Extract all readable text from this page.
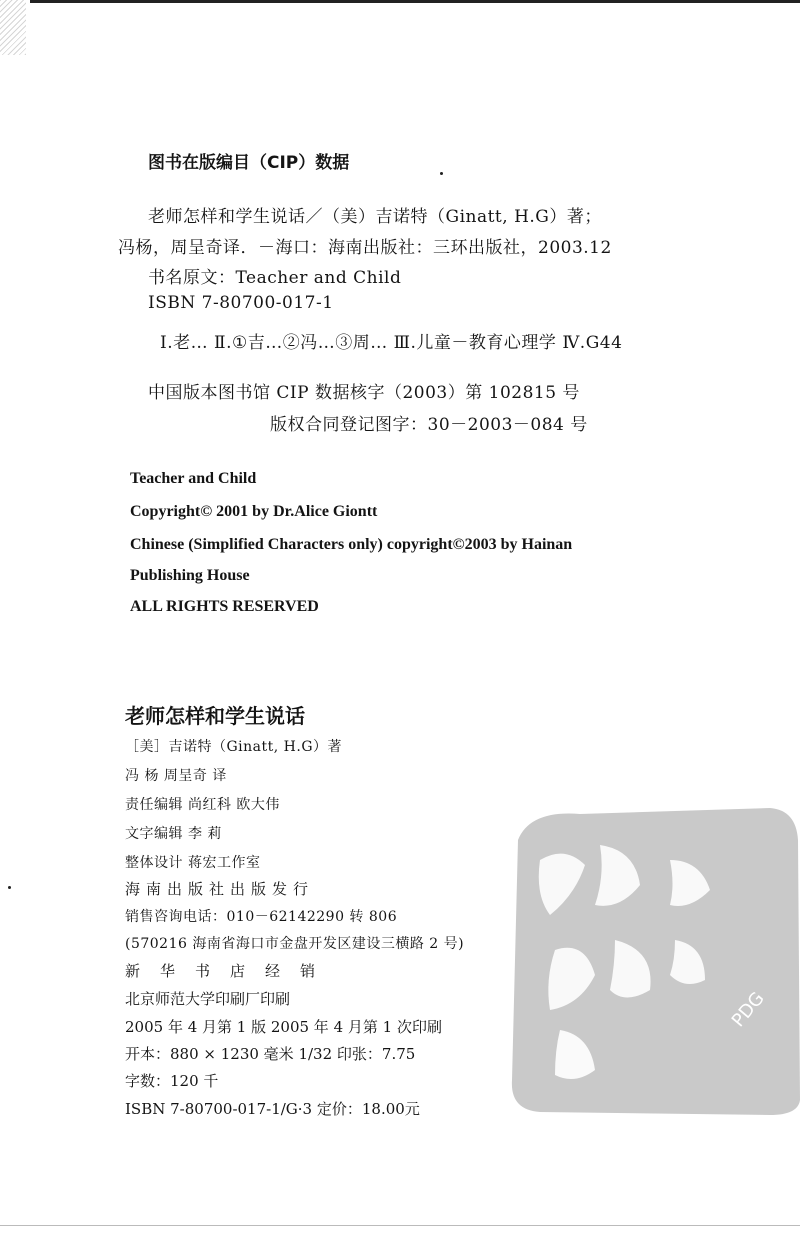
图书在版编目（CIP）数据
老师怎样和学生说话／（美）吉诺特（Ginatt, H.G）著；
冯杨，周呈奇译．－海口：海南出版社：三环出版社，2003.12
书名原文：Teacher and Child
ISBN 7-80700-017-1
Ⅰ.老… Ⅱ.①吉…②冯…③周… Ⅲ.儿童－教育心理学 Ⅳ.G44
中国版本图书馆 CIP 数据核字（2003）第 102815 号
版权合同登记图字：30－2003－084 号
Teacher and Child
Copyright© 2001 by Dr.Alice Giontt
Chinese (Simplified Characters only) copyright©2003 by Hainan
Publishing House
ALL RIGHTS RESERVED
老师怎样和学生说话
［美］吉诺特（Ginatt, H.G）著
冯 杨 周呈奇 译
责任编辑 尚红科 欧大伟
文字编辑 李 莉
整体设计 蒋宏工作室
海南出版社出版发行
销售咨询电话：010－62142290 转 806
(570216 海南省海口市金盘开发区建设三横路 2 号)
新华书店经销
北京师范大学印刷厂印刷
2005 年 4 月第 1 版 2005 年 4 月第 1 次印刷
开本：880 × 1230 毫米 1/32 印张：7.75
字数：120 千
ISBN 7-80700-017-1/G·3 定价：18.00元
PDG
